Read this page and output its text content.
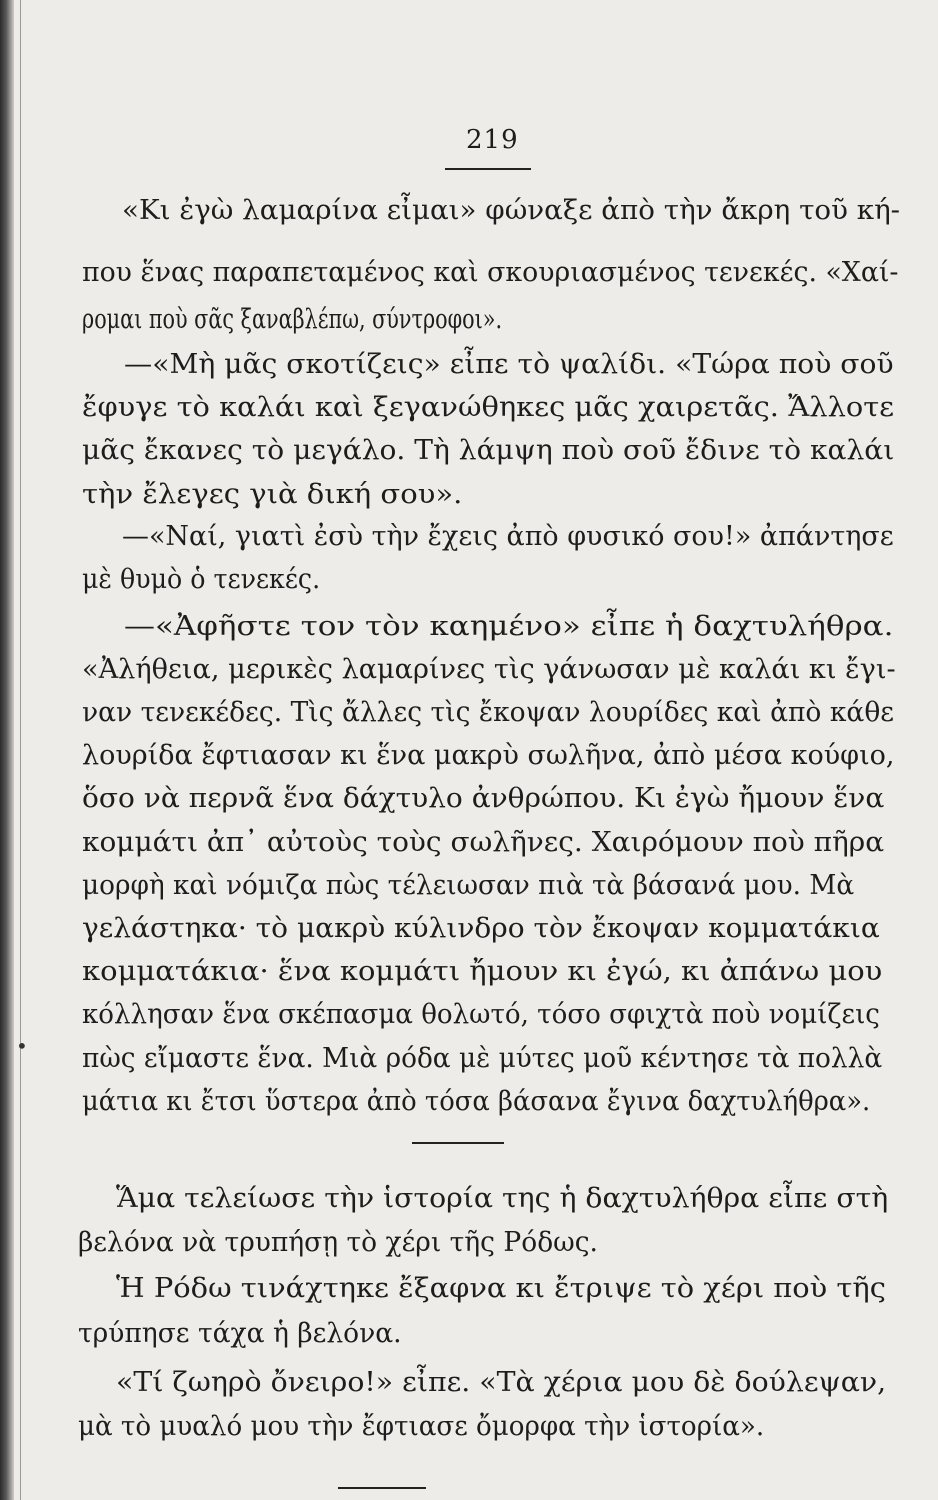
219
«Κι ἐγὼ λαμαρίνα εἶμαι» φώναξε ἀπὸ τὴν ἄκρη τοῦ κή-
που ἕνας παραπεταμένος καὶ σκουριασμένος τενεκές. «Χαί-
ρομαι ποὺ σᾶς ξαναβλέπω, σύντροφοι».
—«Μὴ μᾶς σκοτίζεις» εἶπε τὸ ψαλίδι. «Τώρα ποὺ σοῦ
ἔφυγε τὸ καλάι καὶ ξεγανώθηκες μᾶς χαιρετᾶς. Ἄλλοτε
μᾶς ἔκανες τὸ μεγάλο. Τὴ λάμψη ποὺ σοῦ ἔδινε τὸ καλάι
τὴν ἔλεγες γιὰ δική σου».
—«Ναί, γιατὶ ἐσὺ τὴν ἔχεις ἀπὸ φυσικό σου!» ἀπάντησε
μὲ θυμὸ ὁ τενεκές.
—«Ἀφῆστε τον τὸν καημένο» εἶπε ἡ δαχτυλήθρα.
«Ἀλήθεια, μερικὲς λαμαρίνες τὶς γάνωσαν μὲ καλάι κι ἔγι-
ναν τενεκέδες. Τὶς ἄλλες τὶς ἔκοψαν λουρίδες καὶ ἀπὸ κάθε
λουρίδα ἔφτιασαν κι ἕνα μακρὺ σωλῆνα, ἀπὸ μέσα κούφιο,
ὅσο νὰ περνᾶ ἕνα δάχτυλο ἀνθρώπου. Κι ἐγὼ ἤμουν ἕνα
κομμάτι ἀπ᾽ αὐτοὺς τοὺς σωλῆνες. Χαιρόμουν ποὺ πῆρα
μορφὴ καὶ νόμιζα πὼς τέλειωσαν πιὰ τὰ βάσανά μου. Μὰ
γελάστηκα· τὸ μακρὺ κύλινδρο τὸν ἔκοψαν κομματάκια
κομματάκια· ἕνα κομμάτι ἤμουν κι ἐγώ, κι ἀπάνω μου
κόλλησαν ἕνα σκέπασμα θολωτό, τόσο σφιχτὰ ποὺ νομίζεις
πὼς εἴμαστε ἕνα. Μιὰ ρόδα μὲ μύτες μοῦ κέντησε τὰ πολλὰ
μάτια κι ἔτσι ὕστερα ἀπὸ τόσα βάσανα ἔγινα δαχτυλήθρα».
Ἅμα τελείωσε τὴν ἱστορία της ἡ δαχτυλήθρα εἶπε στὴ
βελόνα νὰ τρυπήσῃ τὸ χέρι τῆς Ρόδως.
Ἡ Ρόδω τινάχτηκε ἔξαφνα κι ἔτριψε τὸ χέρι ποὺ τῆς
τρύπησε τάχα ἡ βελόνα.
«Τί ζωηρὸ ὄνειρο!» εἶπε. «Τὰ χέρια μου δὲ δούλεψαν,
μὰ τὸ μυαλό μου τὴν ἔφτιασε ὄμορφα τὴν ἱστορία».
•
